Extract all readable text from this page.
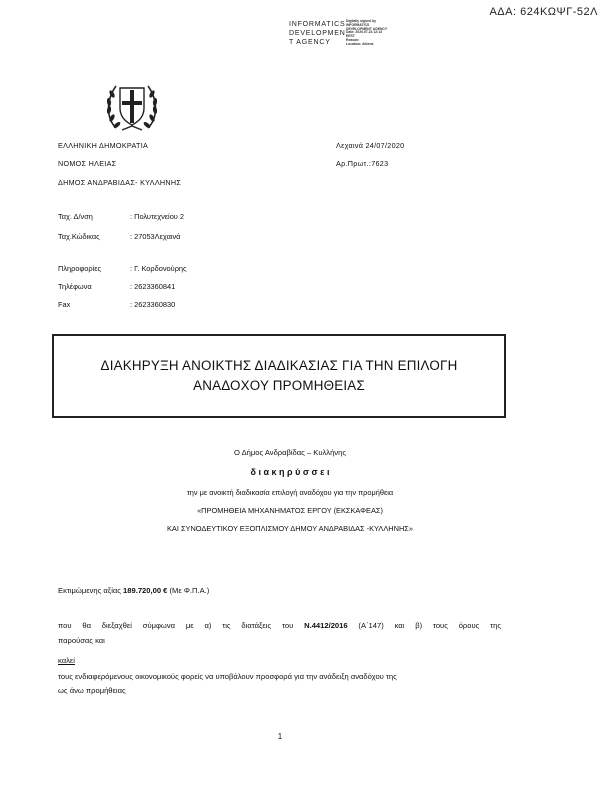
ΑΔΑ: 624ΚΩΨΓ-52Λ
INFORMATICS
DEVELOPMEN
T AGENCY
Digitally signed by
INFORMATICS
DEVELOPMENT AGENCY
Date: 2020.07.24 12:13
EEST
Reason:
Location: Athens
ΕΛΛΗΝΙΚΗ ΔΗΜΟΚΡΑΤΙΑ
ΝΟΜΟΣ ΗΛΕΙΑΣ
ΔΗΜΟΣ ΑΝΔΡΑΒΙΔΑΣ- ΚΥΛΛΗΝΗΣ
Λεχαινά 24/07/2020
Αρ.Πρωτ.:7623
Ταχ. Δ/νση	: Πολυτεχνείου 2
Ταχ.Κώδικας	: 27053Λεχαινά
Πληροφορίες	: Γ. Κορδονούρης
Τηλέφωνα	: 2623360841
Fax	: 2623360830
ΔΙΑΚΗΡΥΞΗ ΑΝΟΙΚΤΗΣ ΔΙΑΔΙΚΑΣΙΑΣ ΓΙΑ ΤΗΝ ΕΠΙΛΟΓΗ
ΑΝΑΔΟΧΟΥ ΠΡΟΜΗΘΕΙΑΣ
Ο Δήμος Ανδραβίδας – Κυλλήνης
δ ι α κ η ρ ύ σ σ ε ι
την με ανοικτή διαδικασία επιλογή αναδόχου για την προμήθεια
«ΠΡΟΜΗΘΕΙΑ ΜΗΧΑΝΗΜΑΤΟΣ ΕΡΓΟΥ (ΕΚΣΚΑΦΕΑΣ)
ΚΑΙ ΣΥΝΟΔΕΥΤΙΚΟΥ ΕΞΟΠΛΙΣΜΟΥ ΔΗΜΟΥ ΑΝΔΡΑΒΙΔΑΣ -ΚΥΛΛΗΝΗΣ»
Εκτιμώμενης αξίας 189.720,00 € (Με Φ.Π.Α.)
που θα διεξαχθεί σύμφωνα με α) τις διατάξεις του Ν.4412/2016 (Α΄147) και β) τους όρους της
παρούσας και
καλεί
τους ενδιαφερόμενους οικονομικούς φορείς να υποβάλουν προσφορά για την ανάδειξη αναδόχου της
ως άνω προμήθειας
1
